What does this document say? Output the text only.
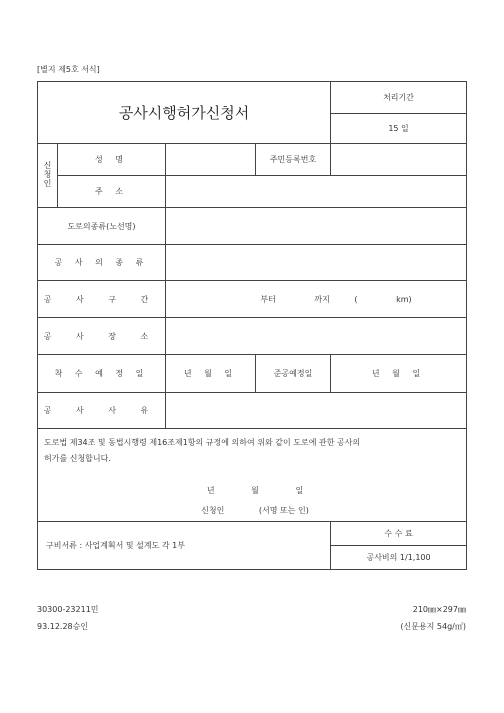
[별지 제5호 서식]
공사시행허가신청서				처리기간
				15 일
신청인	성 명		주민등록번호	
	주 소			
도로의종류(노선명)				
공 사 의 종 류				
공 사 구 간		부터 까지 ( km)		
공 사 장 소				
착 수 예 정 일		년 월 일	준공예정일	년 월 일
공 사 사 유				

도로법 제34조 및 동법시행령 제16조제1항의 규정에 의하여 위와 같이 도로에 관한 공사의
허가를 신청합니다.
년 월 일
신청인 (서명 또는 인)				

구비서류 : 사업계획서 및 설계도 각 1부				수 수 료
				공사비의 1/1,100
30300-23211민
93.12.28승인
210㎜×297㎜
(신문용지 54g/㎡)
